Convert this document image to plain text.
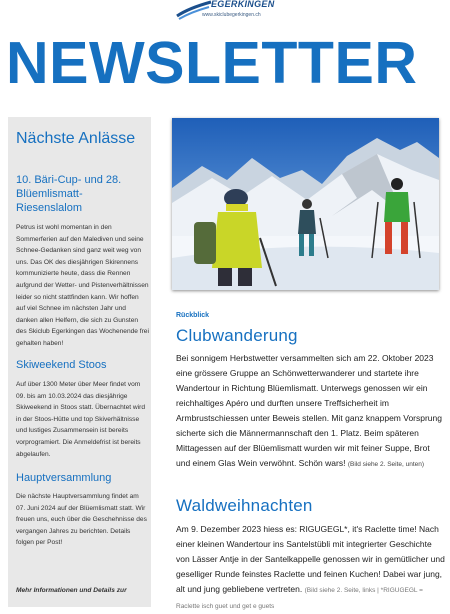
EGERKINGEN
www.skiclubegerkingen.ch
NEWSLETTER
Nächste Anlässe
10. Bäri-Cup- und 28. Blüemlismatt-Riesenslalom

Petrus ist wohl momentan in den Sommerferien auf den Malediven und seine Schnee-Gedanken sind ganz weit weg von uns. Das OK des diesjährigen Skirennens kommunizierte heute, dass die Rennen aufgrund der Wetter- und Pistenverhältnissen leider so nicht stattfinden kann. Wir hoffen auf viel Schnee im nächsten Jahr und danken allen Helfern, die sich zu Gunsten des Skiclub Egerkingen das Wochenende frei gehalten haben!

Skiweekend Stoos

Auf über 1300 Meter über Meer findet vom 09. bis am 10.03.2024 das diesjährige Skiweekend in Stoos statt. Übernachtet wird in der Stoos-Hütte und top Skiverhältnisse und lustiges Zusammensein ist bereits vorprogramiert. Die Anmeldefrist ist bereits abgelaufen.

Hauptversammlung

Die nächste Hauptversammlung findet am 07. Juni 2024 auf der Blüemlismatt statt. Wir freuen uns, euch über die Geschehnisse des vergangen Jahres zu berichten. Details folgen per Post!

Mehr Informationen und Details zur

Rückblick

Clubwanderung

Bei sonnigem Herbstwetter versammelten sich am 22. Oktober 2023 eine grössere Gruppe an Schönwetterwanderer und startete ihre Wandertour in Richtung Blüemlismatt. Unterwegs genossen wir ein reichhaltiges Apéro und durften unsere Treffsicherheit im Armbrustschiessen unter Beweis stellen. Mit ganz knappem Vorsprung sicherte sich die Männermannschaft den 1. Platz. Beim späteren Mittagessen auf der Blüemlismatt wurden wir mit feiner Suppe, Brot und einem Glas Wein verwöhnt. Schön wars! (Bild siehe 2. Seite, unten)

Waldweihnachten

Am 9. Dezember 2023 hiess es: RIGUGEGL*, it's Raclette time! Nach einer kleinen Wandertour ins Santelstübli mit integrierter Geschichte von Lässer Antje in der Santelkappelle genossen wir in gemütlicher und geselliger Runde feinstes Raclette und feinen Kuchen! Dabei war jung, alt und jung gebliebene vertreten. (Bild siehe 2. Seite, links | *RIGUGEGL = Raclette isch guet und get e guets
